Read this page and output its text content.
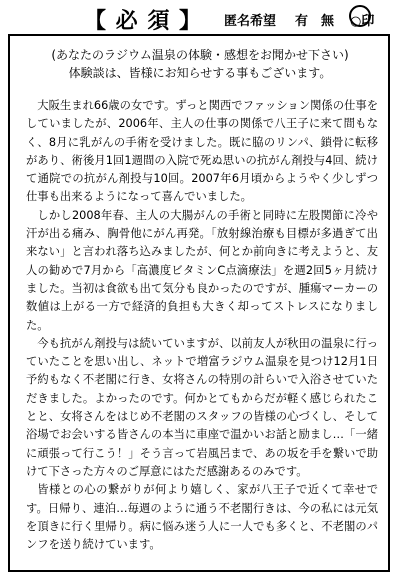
【 必 須 】 匿名希望 有 無 ○印
(あなたのラジウム温泉の体験・感想をお聞かせ下さい)
体験談は、皆様にお知らせする事もございます。

大阪生まれ66歳の女です。ずっと関西でファッション関係の仕事をしていましたが、2006年、主人の仕事の関係で八王子に来て間もなく、8月に乳がんの手術を受けました。既に脇のリンパ、鎖骨に転移があり、術後月1回1週間の入院で死ぬ思いの抗がん剤投与4回、続けて通院での抗がん剤投与10回。2007年6月頃からようやく少しずつ仕事も出来るようになって喜んでいました。

しかし2008年春、主人の大腸がんの手術と同時に左股関節に冷や汗が出る痛み、胸骨他にがん再発。「放射線治療も目標が多過ぎて出来ない」と言われ落ち込みましたが、何とか前向きに考えようと、友人の勧めで7月から「高濃度ビタミンC点滴療法」を週2回5ヶ月続けました。当初は食欲も出て気分も良かったのですが、腫瘍マーカーの数値は上がる一方で経済的負担も大きく却ってストレスになりました。

今も抗がん剤投与は続いていますが、以前友人が秋田の温泉に行っていたことを思い出し、ネットで増富ラジウム温泉を見つけ12月1日予約もなく不老閣に行き、女将さんの特別の計らいで入浴させていただきました。よかったのです。何かとてもからだが軽く感じられたことと、女将さんをはじめ不老閣のスタッフの皆様の心づくし、そして浴場でお会いする皆さんの本当に車座で温かいお話と励まし…「一緒に頑張って行こう！」そう言って岩風呂まで、あの坂を手を繋いで助けて下さった方々のご厚意にはただ感謝あるのみです。

皆様との心の繋がりが何より嬉しく、家が八王子で近くて幸せです。日帰り、連泊…毎週のように通う不老閣行きは、今の私には元気を頂きに行く里帰り。病に悩み迷う人に一人でも多くと、不老閣のパンフを送り続けています。
